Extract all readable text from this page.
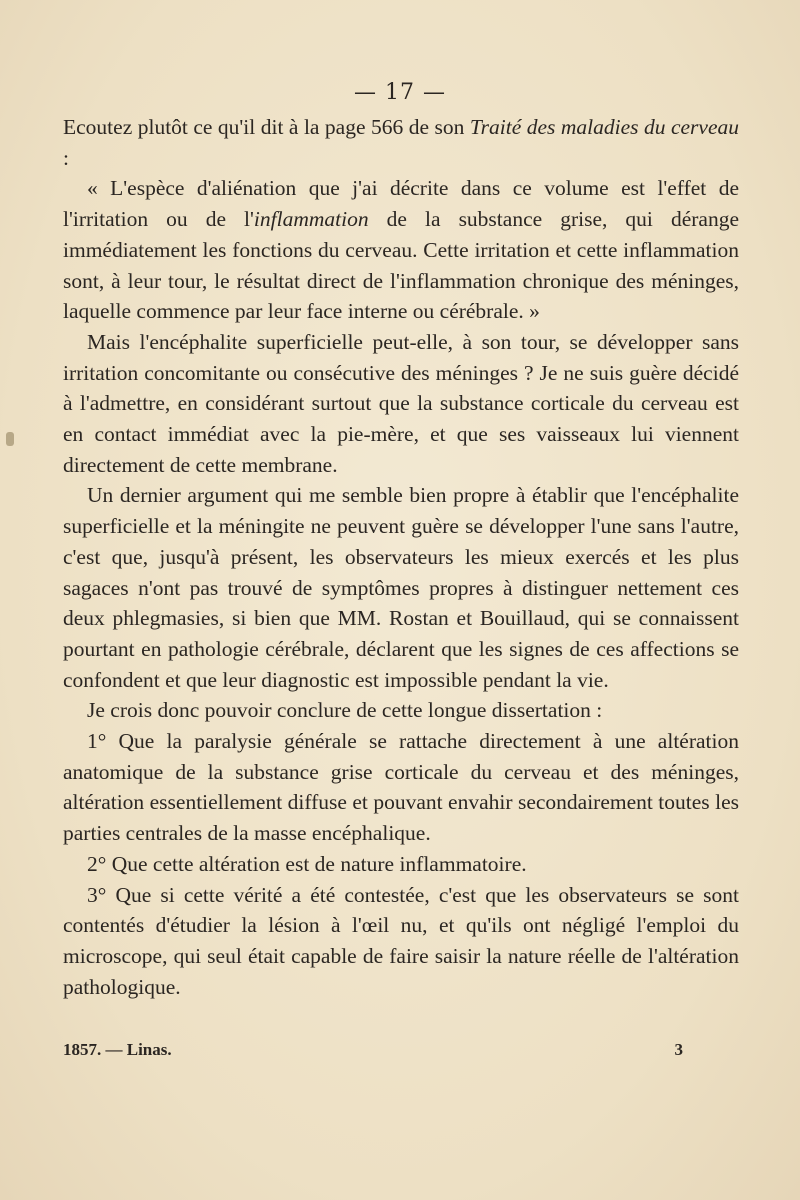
— 17 —

Ecoutez plutôt ce qu'il dit à la page 566 de son Traité des maladies du cerveau :

« L'espèce d'aliénation que j'ai décrite dans ce volume est l'effet de l'irritation ou de l'inflammation de la substance grise, qui dérange immédiatement les fonctions du cerveau. Cette irritation et cette inflammation sont, à leur tour, le résultat direct de l'inflammation chronique des méninges, laquelle commence par leur face interne ou cérébrale. »

Mais l'encéphalite superficielle peut-elle, à son tour, se développer sans irritation concomitante ou consécutive des méninges ? Je ne suis guère décidé à l'admettre, en considérant surtout que la substance corticale du cerveau est en contact immédiat avec la pie-mère, et que ses vaisseaux lui viennent directement de cette membrane.

Un dernier argument qui me semble bien propre à établir que l'encéphalite superficielle et la méningite ne peuvent guère se développer l'une sans l'autre, c'est que, jusqu'à présent, les observateurs les mieux exercés et les plus sagaces n'ont pas trouvé de symptômes propres à distinguer nettement ces deux phlegmasies, si bien que MM. Rostan et Bouillaud, qui se connaissent pourtant en pathologie cérébrale, déclarent que les signes de ces affections se confondent et que leur diagnostic est impossible pendant la vie.

Je crois donc pouvoir conclure de cette longue dissertation :

1° Que la paralysie générale se rattache directement à une altération anatomique de la substance grise corticale du cerveau et des méninges, altération essentiellement diffuse et pouvant envahir secondairement toutes les parties centrales de la masse encéphalique.

2° Que cette altération est de nature inflammatoire.

3° Que si cette vérité a été contestée, c'est que les observateurs se sont contentés d'étudier la lésion à l'œil nu, et qu'ils ont négligé l'emploi du microscope, qui seul était capable de faire saisir la nature réelle de l'altération pathologique.

1857. — Linas.	3
